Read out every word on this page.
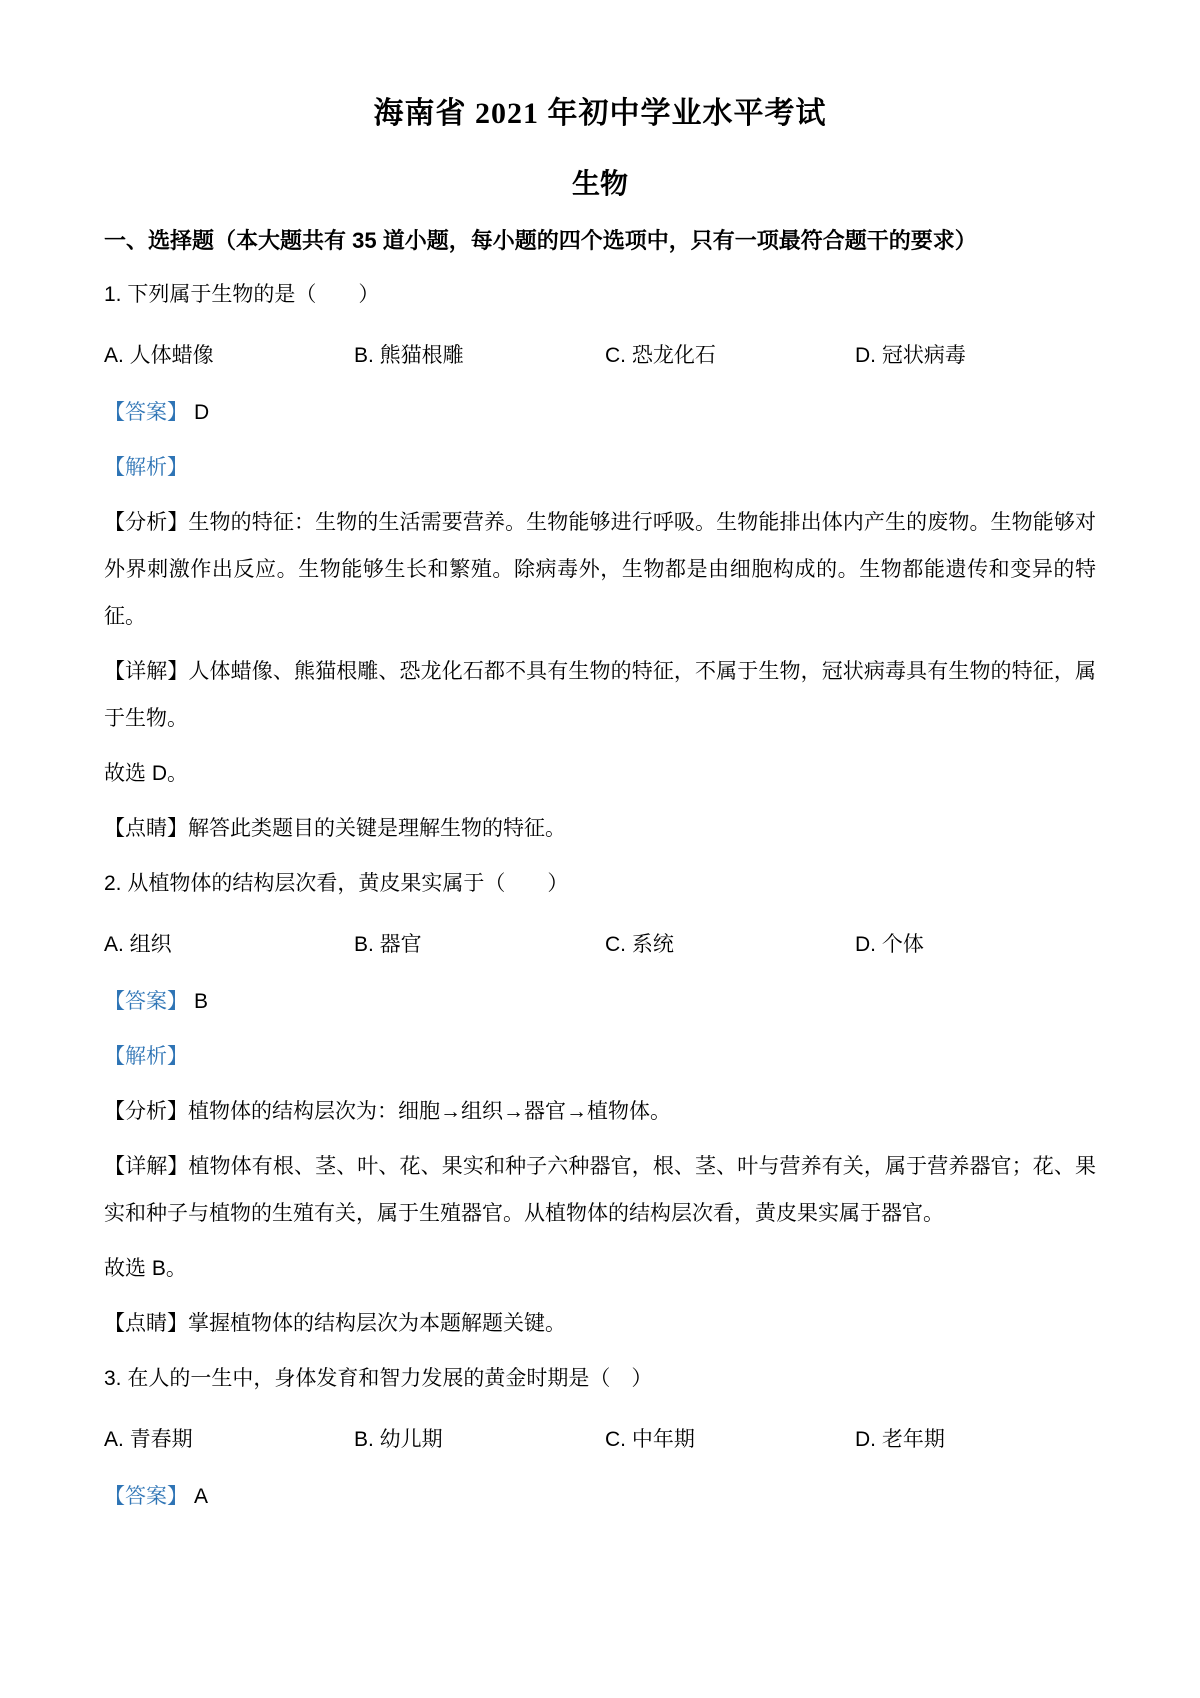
海南省 2021 年初中学业水平考试
生物
一、选择题（本大题共有 35 道小题，每小题的四个选项中，只有一项最符合题干的要求）

1. 下列属于生物的是（　　）

A. 人体蜡像	B. 熊猫根雕	C. 恐龙化石	D. 冠状病毒

【答案】 D

【解析】

【分析】生物的特征：生物的生活需要营养。生物能够进行呼吸。生物能排出体内产生的废物。生物能够对外界刺激作出反应。生物能够生长和繁殖。除病毒外，生物都是由细胞构成的。生物都能遗传和变异的特征。

【详解】人体蜡像、熊猫根雕、恐龙化石都不具有生物的特征，不属于生物，冠状病毒具有生物的特征，属于生物。

故选 D。

【点睛】解答此类题目的关键是理解生物的特征。

2. 从植物体的结构层次看，黄皮果实属于（　　）

A. 组织	B. 器官	C. 系统	D. 个体

【答案】 B

【解析】

【分析】植物体的结构层次为：细胞→组织→器官→植物体。

【详解】植物体有根、茎、叶、花、果实和种子六种器官，根、茎、叶与营养有关，属于营养器官；花、果实和种子与植物的生殖有关，属于生殖器官。从植物体的结构层次看，黄皮果实属于器官。

故选 B。

【点睛】掌握植物体的结构层次为本题解题关键。

3. 在人的一生中，身体发育和智力发展的黄金时期是（　）

A. 青春期	B. 幼儿期	C. 中年期	D. 老年期

【答案】 A
